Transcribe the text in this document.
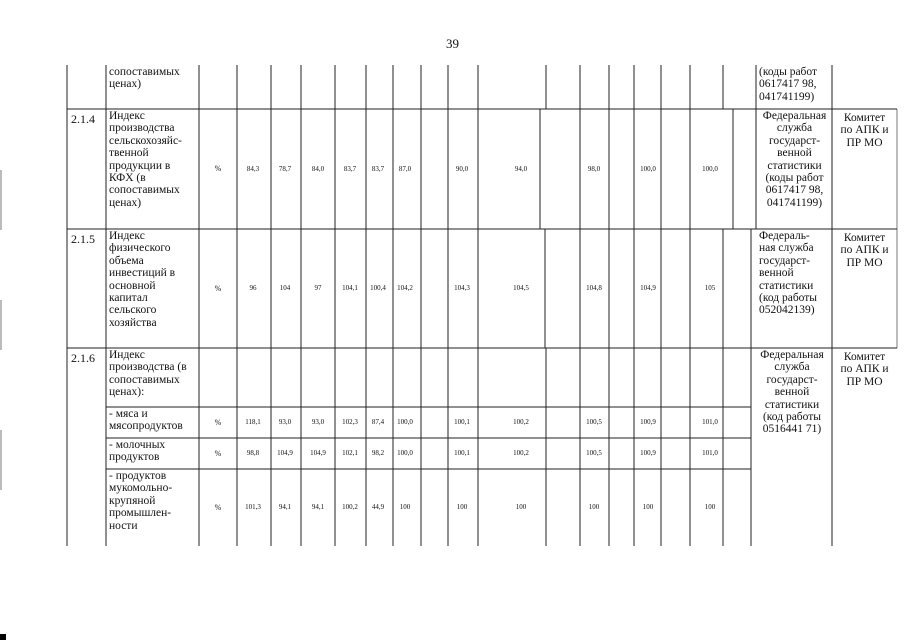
39
сопоставимых
ценах)
(коды работ
0617417 98,
041741199)
2.1.4	Индекс
производства
сельскохозяйс-
твенной
продукции в
КФХ (в
сопоставимых
ценах)
%	84,3	78,7	84,0	83,7	83,7	87,0	90,0	94,0	98,0	100,0	100,0
Федеральная
служба
государст-
венной
статистики
(коды работ
0617417 98,
041741199)
Комитет
по АПК и
ПР МО
2.1.5	Индекс
физического
объема
инвестиций в
основной
капитал
сельского
хозяйства
%	96	104	97	104,1	100,4	104,2	104,3	104,5	104,8	104,9	105
Федераль-
ная служба
государст-
венной
статистики
(код работы
052042139)
Комитет
по АПК и
ПР МО
2.1.6	Индекс
производства (в
сопоставимых
ценах):
- мяса и
мясопродуктов	%	118,1	93,0	93,0	102,3	87,4	100,0	100,1	100,2	100,5	100,9	101,0
- молочных
продуктов	%	98,8	104,9	104,9	102,1	98,2	100,0	100,1	100,2	100,5	100,9	101,0
- продуктов
мукомольно-
крупяной
промышлен-
ности
%	101,3	94,1	94,1	100,2	44,9	100	100	100	100	100	100
Федеральная
служба
государст-
венной
статистики
(код работы
0516441 71)
Комитет
по АПК и
ПР МО
